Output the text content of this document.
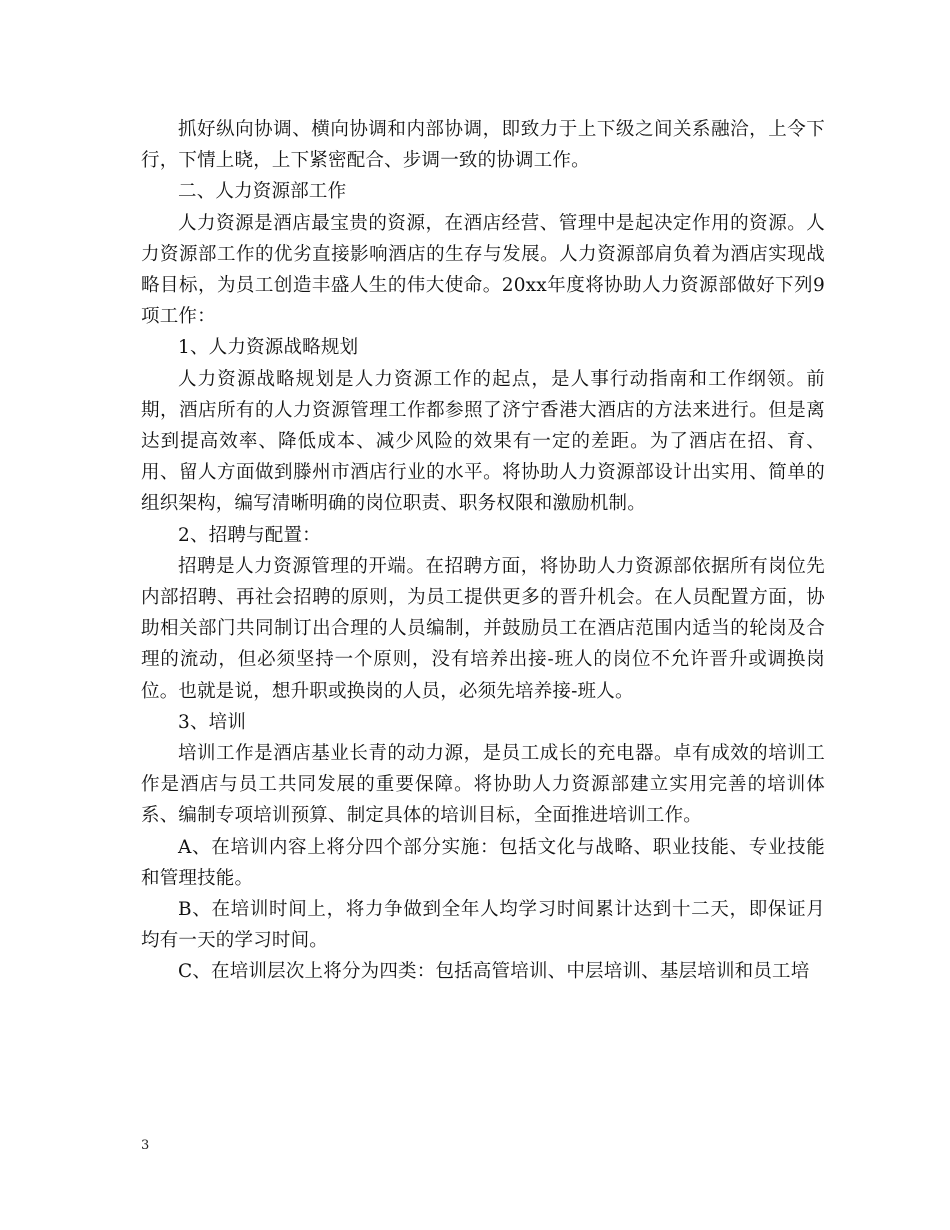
抓好纵向协调、横向协调和内部协调，即致力于上下级之间关系融洽，上令下行，下情上晓，上下紧密配合、步调一致的协调工作。

二、人力资源部工作

人力资源是酒店最宝贵的资源，在酒店经营、管理中是起决定作用的资源。人力资源部工作的优劣直接影响酒店的生存与发展。人力资源部肩负着为酒店实现战略目标，为员工创造丰盛人生的伟大使命。20xx年度将协助人力资源部做好下列9项工作：

1、人力资源战略规划

人力资源战略规划是人力资源工作的起点，是人事行动指南和工作纲领。前期，酒店所有的人力资源管理工作都参照了济宁香港大酒店的方法来进行。但是离达到提高效率、降低成本、减少风险的效果有一定的差距。为了酒店在招、育、用、留人方面做到滕州市酒店行业的水平。将协助人力资源部设计出实用、简单的组织架构，编写清晰明确的岗位职责、职务权限和激励机制。

2、招聘与配置：

招聘是人力资源管理的开端。在招聘方面，将协助人力资源部依据所有岗位先内部招聘、再社会招聘的原则，为员工提供更多的晋升机会。在人员配置方面，协助相关部门共同制订出合理的人员编制，并鼓励员工在酒店范围内适当的轮岗及合理的流动，但必须坚持一个原则，没有培养出接-班人的岗位不允许晋升或调换岗位。也就是说，想升职或换岗的人员，必须先培养接-班人。

3、培训

培训工作是酒店基业长青的动力源，是员工成长的充电器。卓有成效的培训工作是酒店与员工共同发展的重要保障。将协助人力资源部建立实用完善的培训体系、编制专项培训预算、制定具体的培训目标，全面推进培训工作。

A、在培训内容上将分四个部分实施：包括文化与战略、职业技能、专业技能和管理技能。

B、在培训时间上，将力争做到全年人均学习时间累计达到十二天，即保证月均有一天的学习时间。

C、在培训层次上将分为四类：包括高管培训、中层培训、基层培训和员工培

3
